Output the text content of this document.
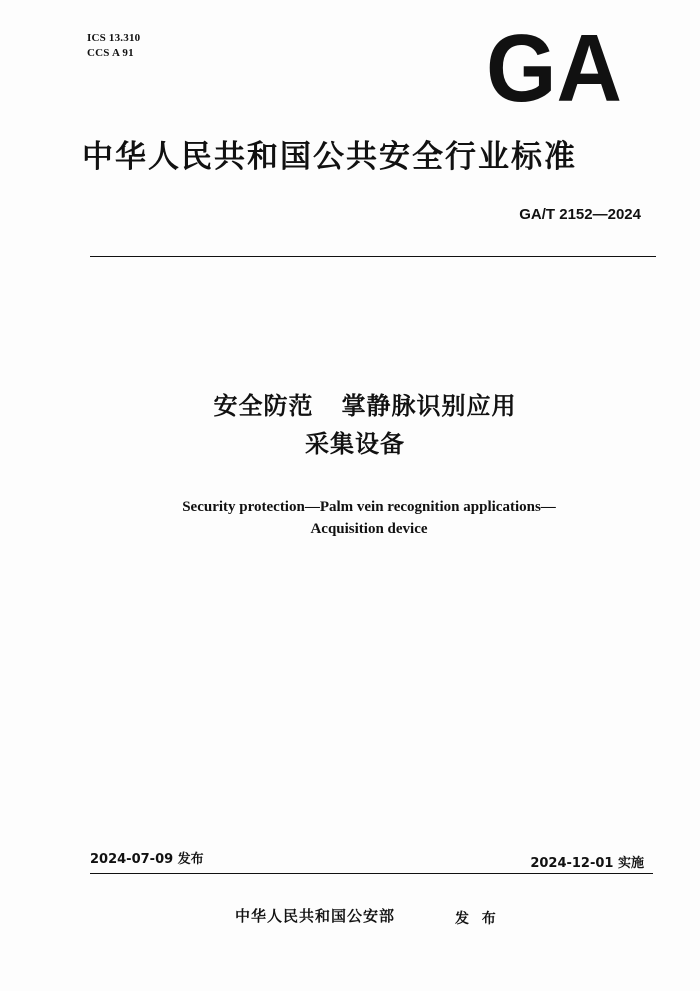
ICS 13.310
CCS A 91	GA
中华人民共和国公共安全行业标准
GA/T 2152—2024
安全防范   掌静脉识别应用
采集设备
Security protection—Palm vein recognition applications—
Acquisition device
2024-07-09 发布	2024-12-01 实施
中华人民共和国公安部	发  布
